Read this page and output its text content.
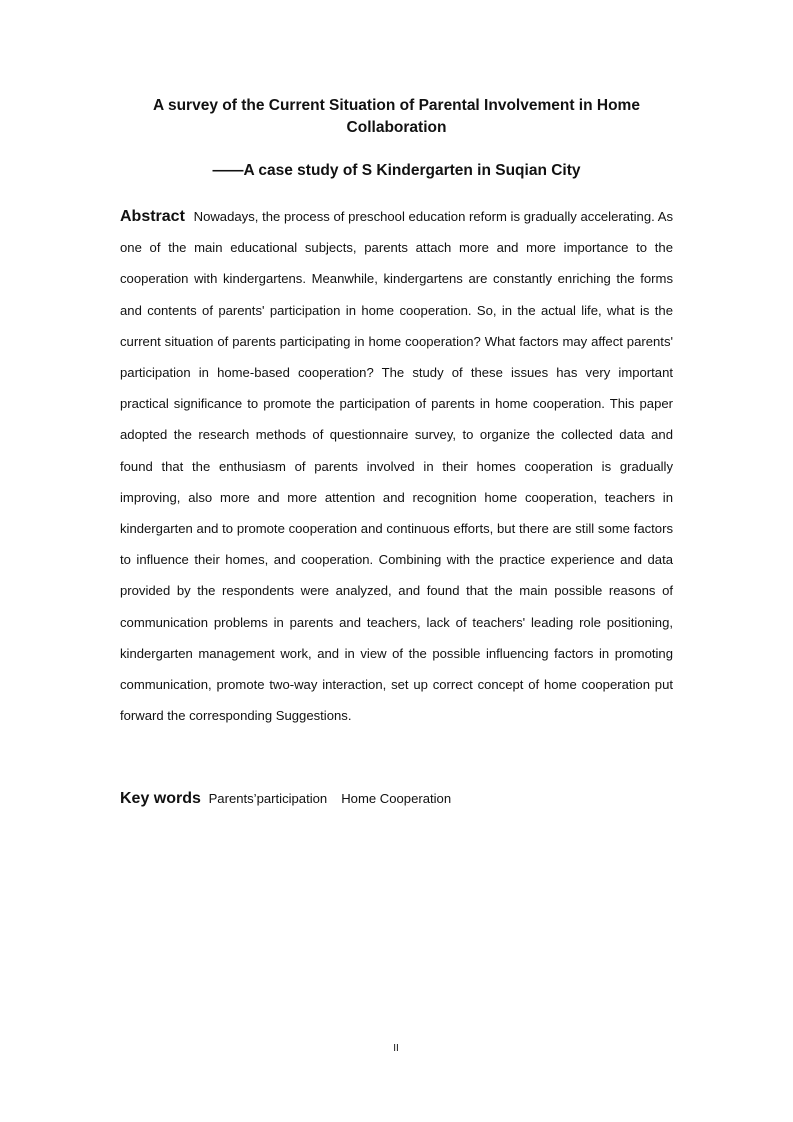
A survey of the Current Situation of Parental Involvement in Home Collaboration
——A case study of S Kindergarten in Suqian City
Abstract Nowadays, the process of preschool education reform is gradually accelerating. As one of the main educational subjects, parents attach more and more importance to the cooperation with kindergartens. Meanwhile, kindergartens are constantly enriching the forms and contents of parents' participation in home cooperation. So, in the actual life, what is the current situation of parents participating in home cooperation? What factors may affect parents' participation in home-based cooperation? The study of these issues has very important practical significance to promote the participation of parents in home cooperation. This paper adopted the research methods of questionnaire survey, to organize the collected data and found that the enthusiasm of parents involved in their homes cooperation is gradually improving, also more and more attention and recognition home cooperation, teachers in kindergarten and to promote cooperation and continuous efforts, but there are still some factors to influence their homes, and cooperation. Combining with the practice experience and data provided by the respondents were analyzed, and found that the main possible reasons of communication problems in parents and teachers, lack of teachers' leading role positioning, kindergarten management work, and in view of the possible influencing factors in promoting communication, promote two-way interaction, set up correct concept of home cooperation put forward the corresponding Suggestions.
Key words Parents’participation Home Cooperation
II
